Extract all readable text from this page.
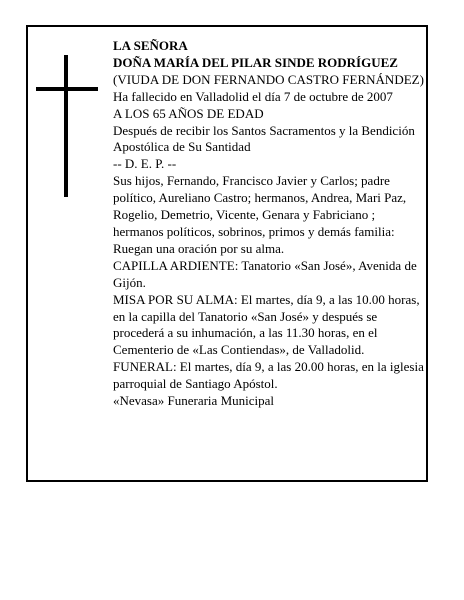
LA SEÑORA
DOÑA MARÍA DEL PILAR SINDE RODRÍGUEZ
(VIUDA DE DON FERNANDO CASTRO FERNÁNDEZ)
Ha fallecido en Valladolid el día 7 de octubre de 2007
A LOS 65 AÑOS DE EDAD
Después de recibir los Santos Sacramentos y la Bendición Apostólica de Su Santidad
-- D. E. P. --
Sus hijos, Fernando, Francisco Javier y Carlos; padre político, Aureliano Castro; hermanos, Andrea, Mari Paz, Rogelio, Demetrio, Vicente, Genara y Fabriciano ; hermanos políticos, sobrinos, primos y demás familia:
Ruegan una oración por su alma.
CAPILLA ARDIENTE: Tanatorio «San José», Avenida de Gijón.
MISA POR SU ALMA: El martes, día 9, a las 10.00 horas, en la capilla del Tanatorio «San José» y después se procederá a su inhumación, a las 11.30 horas, en el Cementerio de «Las Contiendas», de Valladolid.
FUNERAL: El martes, día 9, a las 20.00 horas, en la iglesia parroquial de Santiago Apóstol.
«Nevasa» Funeraria Municipal
